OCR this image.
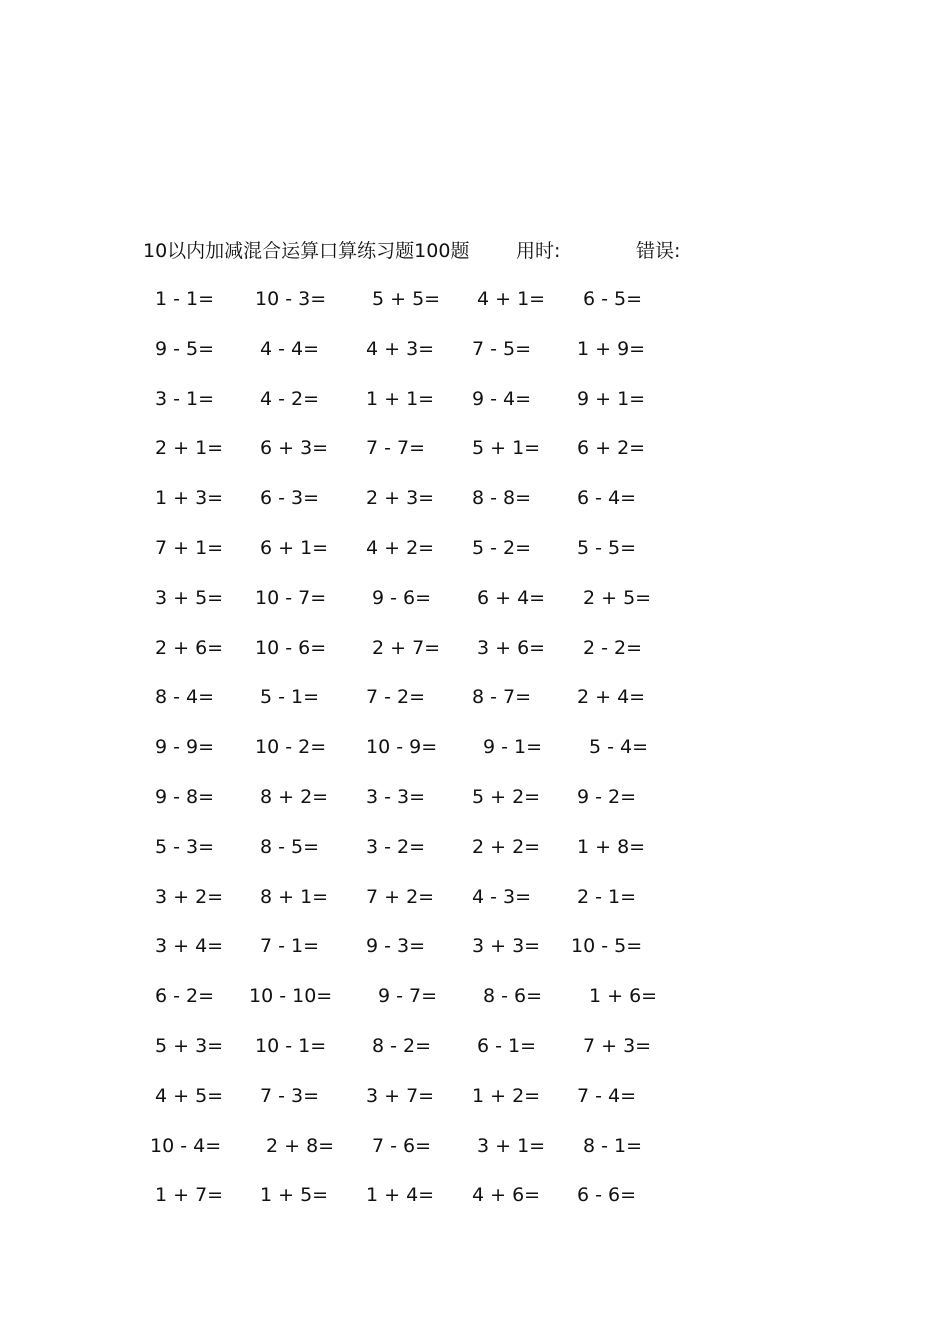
10以内加减混合运算口算练习题100题 用时:	错误:
1 - 1= 10 - 3= 5 + 5= 4 + 1= 6 - 5=
9 - 5= 4 - 4= 4 + 3= 7 - 5= 1 + 9=
3 - 1= 4 - 2= 1 + 1= 9 - 4= 9 + 1=
2 + 1= 6 + 3= 7 - 7= 5 + 1= 6 + 2=
1 + 3= 6 - 3= 2 + 3= 8 - 8= 6 - 4=
7 + 1= 6 + 1= 4 + 2= 5 - 2= 5 - 5=
3 + 5= 10 - 7= 9 - 6= 6 + 4= 2 + 5=
2 + 6= 10 - 6= 2 + 7= 3 + 6= 2 - 2=
8 - 4= 5 - 1= 7 - 2= 8 - 7= 2 + 4=
9 - 9= 10 - 2= 10 - 9= 9 - 1= 5 - 4=
9 - 8= 8 + 2= 3 - 3= 5 + 2= 9 - 2=
5 - 3= 8 - 5= 3 - 2= 2 + 2= 1 + 8=
3 + 2= 8 + 1= 7 + 2= 4 - 3= 2 - 1=
3 + 4= 7 - 1= 9 - 3= 3 + 3= 10 - 5=
6 - 2= 10 - 10= 9 - 7= 8 - 6= 1 + 6=
5 + 3= 10 - 1= 8 - 2= 6 - 1= 7 + 3=
4 + 5= 7 - 3= 3 + 7= 1 + 2= 7 - 4=
10 - 4= 2 + 8= 7 - 6= 3 + 1= 8 - 1=
1 + 7= 1 + 5= 1 + 4= 4 + 6= 6 - 6=
